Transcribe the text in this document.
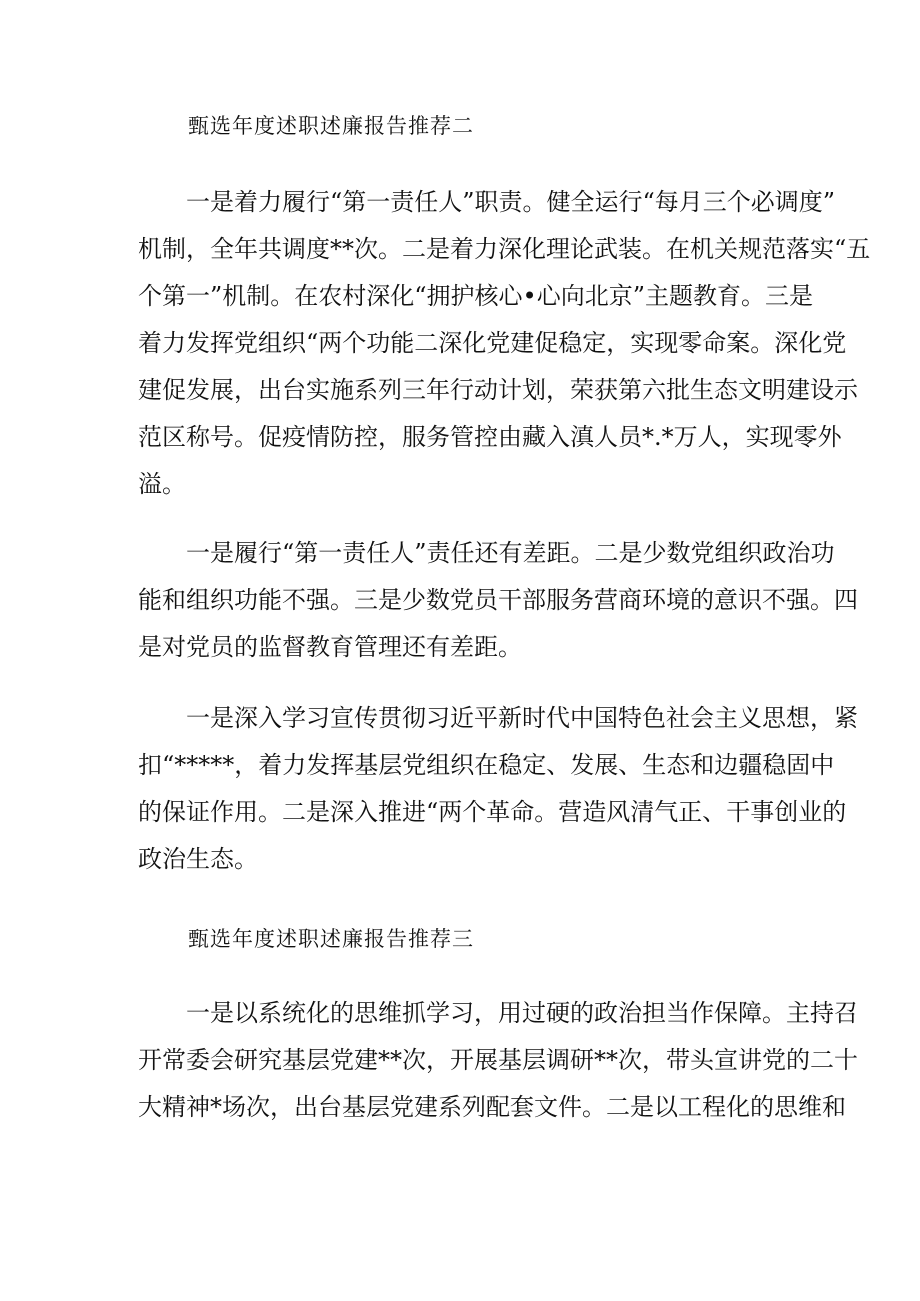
甄选年度述职述廉报告推荐二
一是着力履行“第一责任人”职责。健全运行“每月三个必调度”
机制，全年共调度**次。二是着力深化理论武装。在机关规范落实“五
个第一”机制。在农村深化“拥护核心•心向北京”主题教育。三是
着力发挥党组织“两个功能二深化党建促稳定，实现零命案。深化党
建促发展，出台实施系列三年行动计划，荣获第六批生态文明建设示
范区称号。促疫情防控，服务管控由藏入滇人员*.*万人，实现零外
溢。
一是履行“第一责任人”责任还有差距。二是少数党组织政治功
能和组织功能不强。三是少数党员干部服务营商环境的意识不强。四
是对党员的监督教育管理还有差距。
一是深入学习宣传贯彻习近平新时代中国特色社会主义思想，紧
扣“*****，着力发挥基层党组织在稳定、发展、生态和边疆稳固中
的保证作用。二是深入推进“两个革命。营造风清气正、干事创业的
政治生态。
甄选年度述职述廉报告推荐三
一是以系统化的思维抓学习，用过硬的政治担当作保障。主持召
开常委会研究基层党建**次，开展基层调研**次，带头宣讲党的二十
大精神*场次，出台基层党建系列配套文件。二是以工程化的思维和
